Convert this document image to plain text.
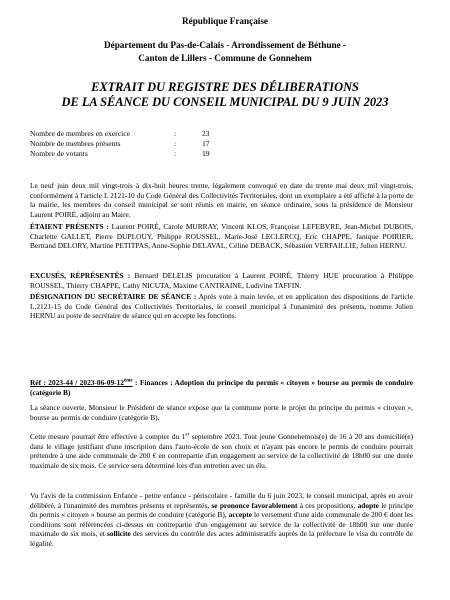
République Française
Département du Pas-de-Calais - Arrondissement de Béthune -
Canton de Lillers - Commune de Gonnehem
EXTRAIT DU REGISTRE DES DÉLIBERATIONS
DE LA SÉANCE DU CONSEIL MUNICIPAL DU 9 JUIN 2023
Nombre de membres en exercice	:	23
Nombre de membres présents	:	17
Nombre de votants	:	19

Le neuf juin deux mil vingt-trois à dix-huit heures trente, légalement convoqué en date du trente mai deux mil vingt-trois, conformément à l'article L 2121-10 du Code Général des Collectivités Territoriales, dont un exemplaire a été affiché à la porte de la mairie, les membres du conseil municipal se sont réunis en mairie, en séance ordinaire, sous la présidence de Monsieur Laurent POIRÉ, adjoint au Maire.

ÉTAIENT PRÉSENTS : Laurent POIRÉ, Carole MURRAY, Vincent KLOS, Françoise LEFEBVRE, Jean-Michel DUBOIS, Charlette GALLET, Pierre DUPLOUY, Philippe ROUSSEL, Marie-José LECLERCQ, Eric CHAPPE, Janique POIRIER, Bertrand DELORY, Martine PETITPAS, Anne-Sophie DELAVAL, Céline DEBACK, Sébastien VERFAILLIE, Julien HERNU.

EXCUSÉS, RÉPRÉSENTÉS : Bernard DELELIS procuration à Laurent POIRÉ, Thierry HUE procuration à Philippe ROUSSEL, Thierry CHAPPE, Cathy NICUTA, Maxime CANTRAINE, Ludivine TAFFIN.

DÉSIGNATION DU SECRÉTAIRE DE SÉANCE : Après vote à main levée, et en application des dispositions de l'article L.2121-15 du Code Général des Collectivités Territoriales, le conseil municipal à l'unanimité des présents, nomme Julien HERNU au poste de secrétaire de séance qui en accepte les fonctions.

Réf : 2023-44 / 2023-06-09-12ème : Finances : Adoption du principe du permis « citoyen » bourse au permis de conduire (catégorie B)

La séance ouverte, Monsieur le Président de séance expose que la commune porte le projet du principe du permis « citoyen », bourse au permis de conduire (catégorie B).

Cette mesure pourrait être effective à compter du 1er septembre 2023. Tout jeune Gonnehemois(e) de 16 à 20 ans domicilié(e) dans le village justifiant d'une inscription dans l'auto-école de son choix et n'ayant pas encore le permis de conduire pourrait prétendre à une aide communale de 200 € en contrepartie d'un engagement au service de la collectivité de 18h00 sur une durée maximale de six mois. Ce service sera déterminé lors d'un entretien avec un élu.

Vu l'avis de la commission Enfance - petite enfance - périscolaire - famille du 6 juin 2023, le conseil municipal, après en avoir délibéré, à l'unanimité des membres présents et représentés, se prononce favorablement à ces propositions, adopte le principe du permis « citoyen » bourse au permis de conduire (catégorie B), accepte le versement d'une aide communale de 200 € dont les conditions sont référencées ci-dessus en contrepartie d'un engagement au service de la collectivité de 18h00 sur une durée maximale de six mois, et sollicite des services du contrôle des actes administratifs auprès de la préfecture le visa du contrôle de légalité.
